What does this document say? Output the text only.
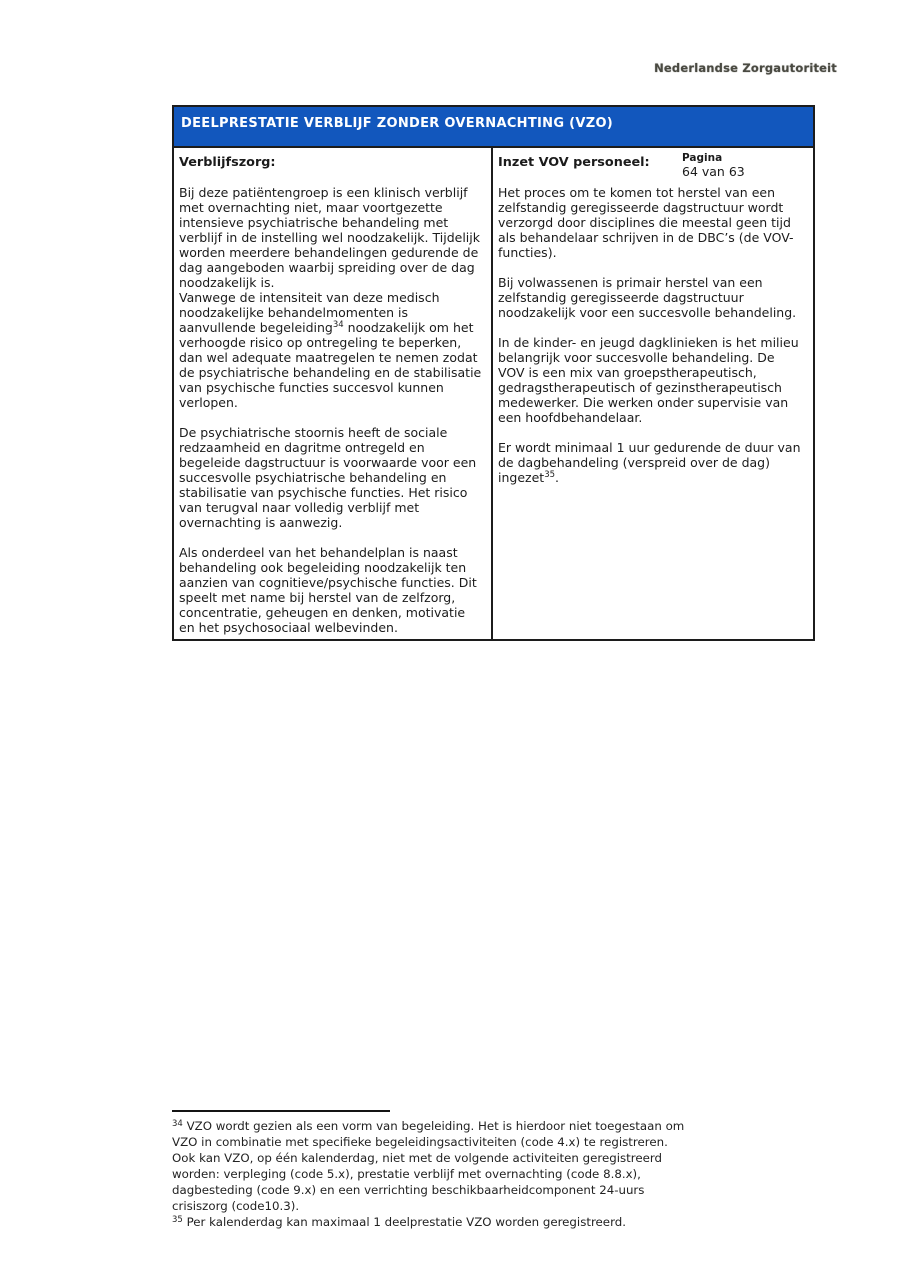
Nederlandse Zorgautoriteit
DEELPRESTATIE VERBLIJF ZONDER OVERNACHTING (VZO)
Verblijfszorg:

Bij deze patiëntengroep is een klinisch verblijf met overnachting niet, maar voortgezette intensieve psychiatrische behandeling met verblijf in de instelling wel noodzakelijk. Tijdelijk worden meerdere behandelingen gedurende de dag aangeboden waarbij spreiding over de dag noodzakelijk is.

Vanwege de intensiteit van deze medisch noodzakelijke behandelmomenten is aanvullende begeleiding$^{34}$ noodzakelijk om het verhoogde risico op ontregeling te beperken, dan wel adequate maatregelen te nemen zodat de psychiatrische behandeling en de stabilisatie van psychische functies succesvol kunnen verlopen.

De psychiatrische stoornis heeft de sociale redzaamheid en dagritme ontregeld en begeleide dagstructuur is voorwaarde voor een succesvolle psychiatrische behandeling en stabilisatie van psychische functies. Het risico van terugval naar volledig verblijf met overnachting is aanwezig.

Als onderdeel van het behandelplan is naast behandeling ook begeleiding noodzakelijk ten aanzien van cognitieve/psychische functies. Dit speelt met name bij herstel van de zelfzorg, concentratie, geheugen en denken, motivatie en het psychosociaal welbevinden.

Pagina
64 van 63
Inzet VOV personeel:

Het proces om te komen tot herstel van een zelfstandig geregisseerde dagstructuur wordt verzorgd door disciplines die meestal geen tijd als behandelaar schrijven in de DBC’s (de VOV-functies).

Bij volwassenen is primair herstel van een zelfstandig geregisseerde dagstructuur noodzakelijk voor een succesvolle behandeling.

In de kinder- en jeugd dagklinieken is het milieu belangrijk voor succesvolle behandeling. De VOV is een mix van groepstherapeutisch, gedragstherapeutisch of gezinstherapeutisch medewerker. Die werken onder supervisie van een hoofdbehandelaar.

Er wordt minimaal 1 uur gedurende de duur van de dagbehandeling (verspreid over de dag) ingezet$^{35}$.

$^{34}$ VZO wordt gezien als een vorm van begeleiding. Het is hierdoor niet toegestaan om VZO in combinatie met specifieke begeleidingsactiviteiten (code 4.x) te registreren. Ook kan VZO, op één kalenderdag, niet met de volgende activiteiten geregistreerd worden: verpleging (code 5.x), prestatie verblijf met overnachting (code 8.8.x), dagbesteding (code 9.x) en een verrichting beschikbaarheidcomponent 24-uurs crisiszorg (code10.3).

$^{35}$ Per kalenderdag kan maximaal 1 deelprestatie VZO worden geregistreerd.
